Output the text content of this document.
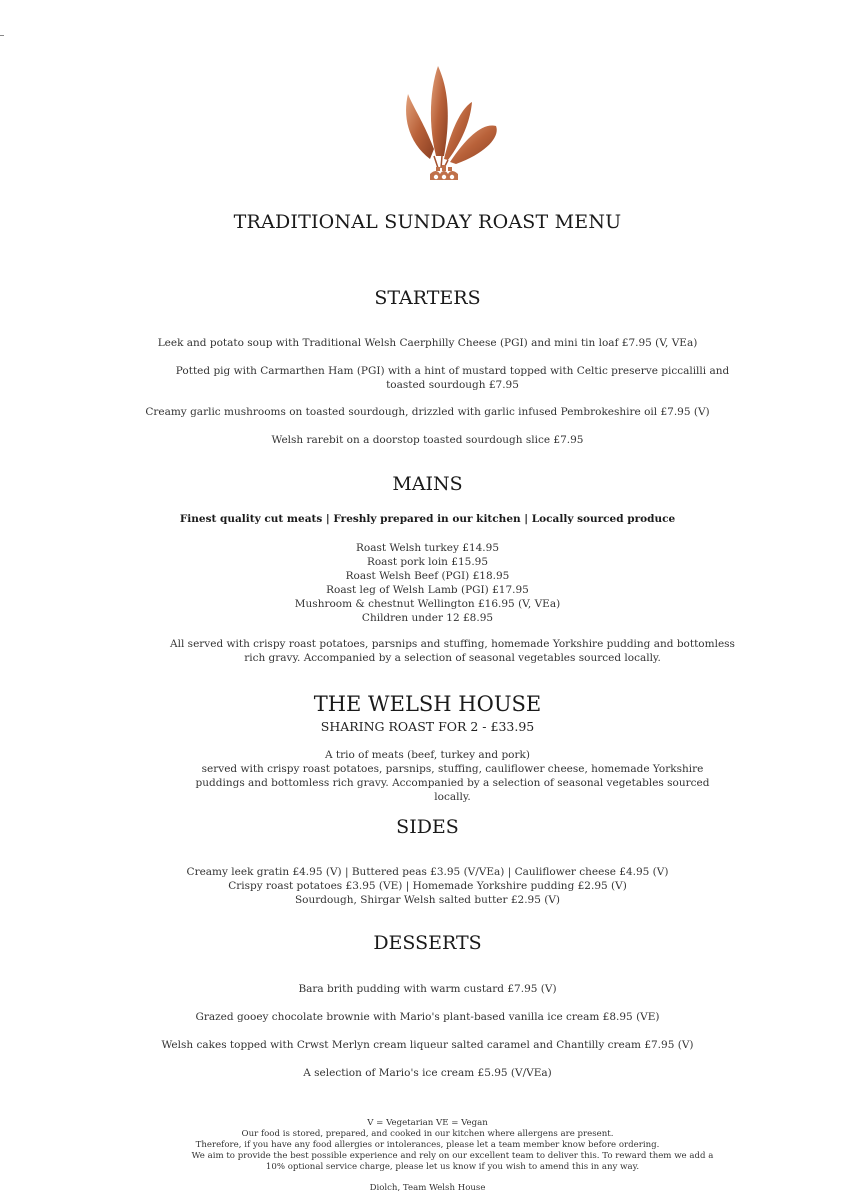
TRADITIONAL SUNDAY ROAST MENU
STARTERS
Leek and potato soup with Traditional Welsh Caerphilly Cheese (PGI) and mini tin loaf £7.95 (V, VEa)
Potted pig with Carmarthen Ham (PGI) with a hint of mustard topped with Celtic preserve piccalilli and toasted sourdough £7.95
Creamy garlic mushrooms on toasted sourdough, drizzled with garlic infused Pembrokeshire oil £7.95 (V)
Welsh rarebit on a doorstop toasted sourdough slice £7.95
MAINS
Finest quality cut meats | Freshly prepared in our kitchen | Locally sourced produce
Roast Welsh turkey £14.95
Roast pork loin £15.95
Roast Welsh Beef (PGI) £18.95
Roast leg of Welsh Lamb (PGI) £17.95
Mushroom & chestnut Wellington £16.95 (V, VEa)
Children under 12 £8.95
All served with crispy roast potatoes, parsnips and stuffing, homemade Yorkshire pudding and bottomless rich gravy. Accompanied by a selection of seasonal vegetables sourced locally.
THE WELSH HOUSE
SHARING ROAST FOR 2 - £33.95
A trio of meats (beef, turkey and pork)
served with crispy roast potatoes, parsnips, stuffing, cauliflower cheese, homemade Yorkshire puddings and bottomless rich gravy. Accompanied by a selection of seasonal vegetables sourced locally.
SIDES
Creamy leek gratin £4.95 (V) | Buttered peas £3.95 (V/VEa) | Cauliflower cheese £4.95 (V)
Crispy roast potatoes £3.95 (VE) | Homemade Yorkshire pudding £2.95 (V)
Sourdough, Shirgar Welsh salted butter £2.95 (V)
DESSERTS
Bara brith pudding with warm custard £7.95 (V)
Grazed gooey chocolate brownie with Mario's plant-based vanilla ice cream £8.95 (VE)
Welsh cakes topped with Crwst Merlyn cream liqueur salted caramel and Chantilly cream £7.95 (V)
A selection of Mario's ice cream £5.95 (V/VEa)
V = Vegetarian VE = Vegan
Our food is stored, prepared, and cooked in our kitchen where allergens are present.
Therefore, if you have any food allergies or intolerances, please let a team member know before ordering.
We aim to provide the best possible experience and rely on our excellent team to deliver this. To reward them we add a 10% optional service charge, please let us know if you wish to amend this in any way.
Diolch, Team Welsh House
